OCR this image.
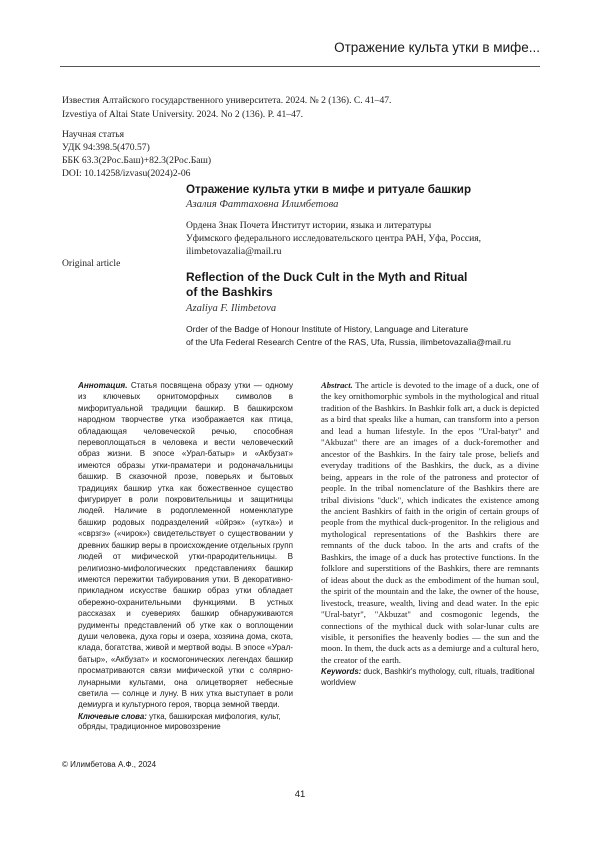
Отражение культа утки в мифе...
Известия Алтайского государственного университета. 2024. № 2 (136). С. 41–47.
Izvestiya of Altai State University. 2024. No 2 (136). P. 41–47.
Научная статья
УДК 94:398.5(470.57)
ББК 63.3(2Рос.Баш)+82.3(2Рос.Баш)
DOI: 10.14258/izvasu(2024)2-06
Отражение культа утки в мифе и ритуале башкир
Азалия Фаттаховна Илимбетова
Ордена Знак Почета Институт истории, языка и литературы
Уфимского федерального исследовательского центра РАН, Уфа, Россия,
ilimbetovazalia@mail.ru
Original article
Reflection of the Duck Cult in the Myth and Ritual
of the Bashkirs
Azaliya F. Ilimbetova
Order of the Badge of Honour Institute of History, Language and Literature
of the Ufa Federal Research Centre of the RAS, Ufa, Russia, ilimbetovazalia@mail.ru
Аннотация. Статья посвящена образу утки — одному из ключевых орнитоморфных символов в мифоритуальной традиции башкир. В башкирском народном творчестве утка изображается как птица, обладающая человеческой речью, способная перевоплощаться в человека и вести человеческий образ жизни. В эпосе «Урал-батыр» и «Акбузат» имеются образы утки-праматери и родоначальницы башкир. В сказочной прозе, поверьях и бытовых традициях башкир утка как божественное существо фигурирует в роли покровительницы и защитницы людей. Наличие в родоплеменной номенклатуре башкир родовых подразделений «ϋйрэк» («утка») и «сврзгэ» («чирок») свидетельствует о существовании у древних башкир веры в происхождение отдельных групп людей от мифической утки-прародительницы. В религиозно-мифологических представлениях башкир имеются пережитки табуирования утки. В декоративно-прикладном искусстве башкир образ утки обладает обережно-охранительными функциями. В устных рассказах и суевериях башкир обнаруживаются рудименты представлений об утке как о воплощении души человека, духа горы и озера, хозяина дома, скота, клада, богатства, живой и мертвой воды. В эпосе «Урал-батыр», «Акбузат» и космогонических легендах башкир просматриваются связи мифической утки с солярно-лунарными культами, она олицетворяет небесные светила — солнце и луну. В них утка выступает в роли демиурга и культурного героя, творца земной тверди.
Ключевые слова: утка, башкирская мифология, культ, обряды, традиционное мировоззрение
Abstract. The article is devoted to the image of a duck, one of the key ornithomorphic symbols in the mythological and ritual tradition of the Bashkirs. In Bashkir folk art, a duck is depicted as a bird that speaks like a human, can transform into a person and lead a human lifestyle. In the epos "Ural-batyr" and "Akbuzat" there are an images of a duck-foremother and ancestor of the Bashkirs. In the fairy tale prose, beliefs and everyday traditions of the Bashkirs, the duck, as a divine being, appears in the role of the patroness and protector of people. In the tribal nomenclature of the Bashkirs there are tribal divisions "duck", which indicates the existence among the ancient Bashkirs of faith in the origin of certain groups of people from the mythical duck-progenitor. In the religious and mythological representations of the Bashkirs there are remnants of the duck taboo. In the arts and crafts of the Bashkirs, the image of a duck has protective functions. In the folklore and superstitions of the Bashkirs, there are remnants of ideas about the duck as the embodiment of the human soul, the spirit of the mountain and the lake, the owner of the house, livestock, treasure, wealth, living and dead water. In the epic "Ural-batyr", "Akbuzat" and cosmogonic legends, the connections of the mythical duck with solar-lunar cults are visible, it personifies the heavenly bodies — the sun and the moon. In them, the duck acts as a demiurge and a cultural hero, the creator of the earth.
Keywords: duck, Bashkir's mythology, cult, rituals, traditional worldview
© Илимбетова А.Ф., 2024
41
